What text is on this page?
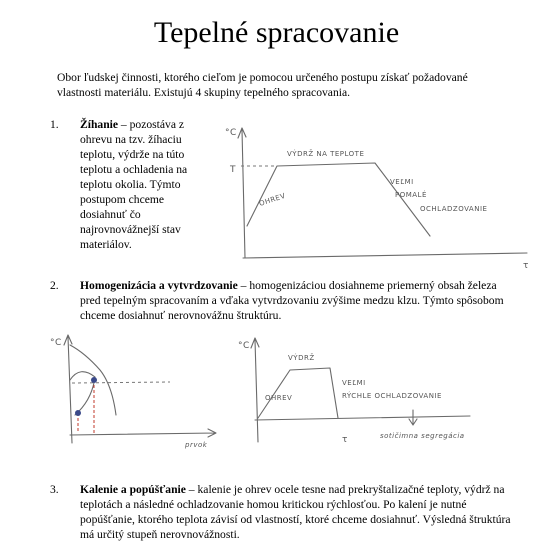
Tepelné spracovanie
Obor ľudskej činnosti, ktorého cieľom je pomocou určeného postupu získať požadované vlastnosti materiálu. Existujú 4 skupiny tepelného spracovania.
1. Žíhanie – pozostáva z ohrevu na tzv. žíhaciu teplotu, výdrže na túto teplotu a ochladenia na teplotu okolia. Týmto postupom chceme dosiahnuť čo najrovnovážnejší stav materiálov.
°C
T
VÝDRŽ NA TEPLOTE
OHREV
VEĽMI
POMALÉ
OCHLADZOVANIE
τ
2. Homogenizácia a vytvrdzovanie – homogenizáciou dosiahneme priemerný obsah železa pred tepelným spracovaním a vďaka vytvrdzovaniu zvýšime medzu klzu. Týmto spôsobom chceme dosiahnuť nerovnovážnu štruktúru.
°C
prvok
°C
VÝDRŽ
OHREV
VEĽMI
RÝCHLE OCHLADZOVANIE
τ	sotičimna segregácia
3. Kalenie a popúšťanie – kalenie je ohrev ocele tesne nad prekryštalizačné teploty, výdrž na teplotách a následné ochladzovanie homou kritickou rýchlosťou. Po kalení je nutné popúšťanie, ktorého teplota závisí od vlastností, ktoré chceme dosiahnuť. Výsledná štruktúra má určitý stupeň nerovnovážnosti.
